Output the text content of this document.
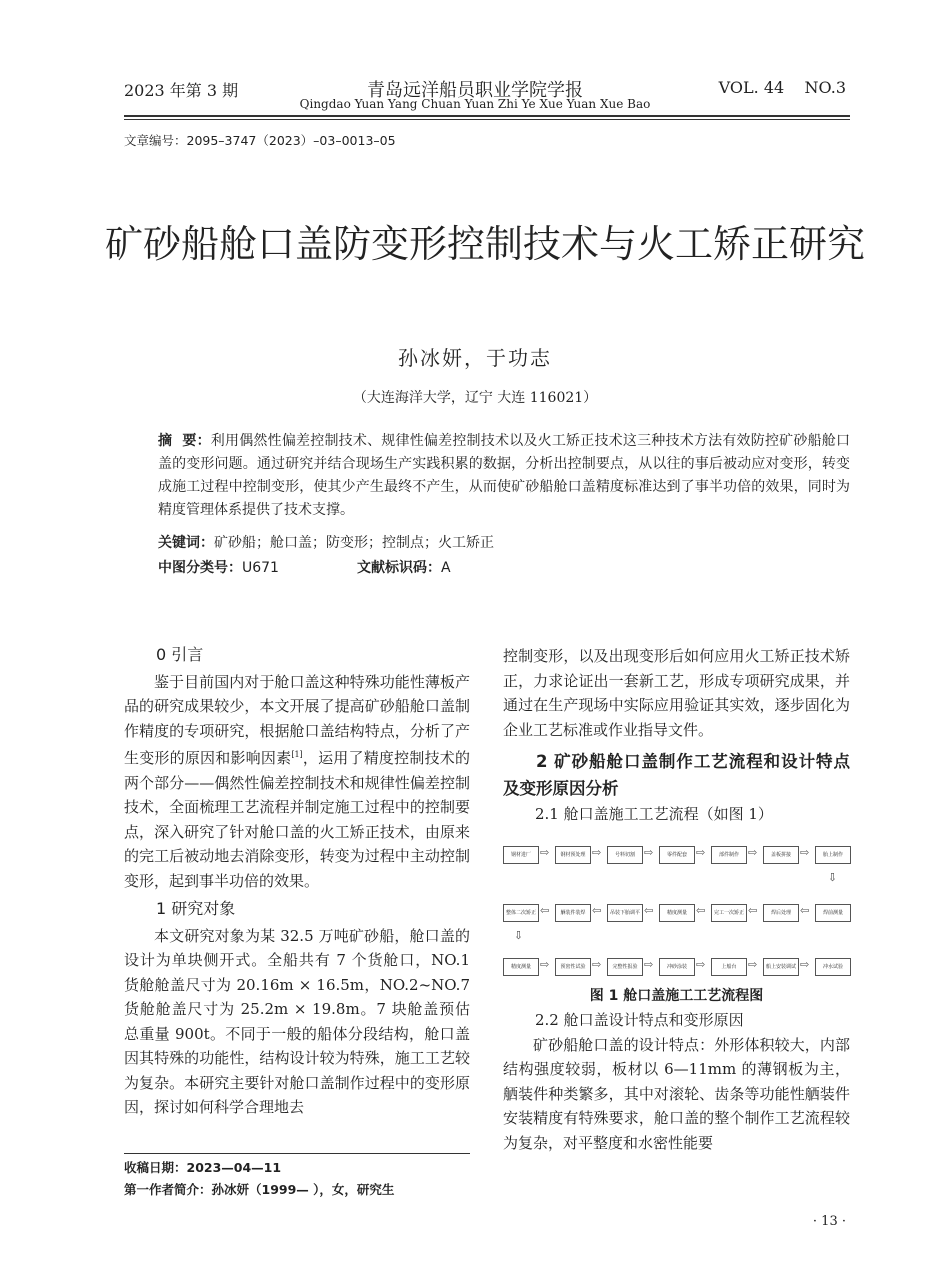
2023 年第 3 期	青岛远洋船员职业学院学报
Qingdao Yuan Yang Chuan Yuan Zhi Ye Xue Yuan Xue Bao
VOL. 44    NO.3
文章编号：2095–3747（2023）–03–0013–05
矿砂船舱口盖防变形控制技术与火工矫正研究
孙冰妍，于功志
（大连海洋大学，辽宁 大连 116021）
摘  要：利用偶然性偏差控制技术、规律性偏差控制技术以及火工矫正技术这三种技术方法有效防控矿砂船舱口盖的变形问题。通过研究并结合现场生产实践积累的数据，分析出控制要点，从以往的事后被动应对变形，转变成施工过程中控制变形，使其少产生最终不产生，从而使矿砂船舱口盖精度标准达到了事半功倍的效果，同时为精度管理体系提供了技术支撑。
关键词：矿砂船；舱口盖；防变形；控制点；火工矫正
中图分类号：U671	文献标识码：A

0 引言

鉴于目前国内对于舱口盖这种特殊功能性薄板产品的研究成果较少，本文开展了提高矿砂船舱口盖制作精度的专项研究，根据舱口盖结构特点，分析了产生变形的原因和影响因素[1]，运用了精度控制技术的两个部分——偶然性偏差控制技术和规律性偏差控制技术，全面梳理工艺流程并制定施工过程中的控制要点，深入研究了针对舱口盖的火工矫正技术，由原来的完工后被动地去消除变形，转变为过程中主动控制变形，起到事半功倍的效果。

1 研究对象

本文研究对象为某 32.5 万吨矿砂船，舱口盖的设计为单块侧开式。全船共有 7 个货舱口，NO.1 货舱舱盖尺寸为 20.16m × 16.5m，NO.2~NO.7 货舱舱盖尺寸为 25.2m × 19.8m。7 块舱盖预估总重量 900t。不同于一般的船体分段结构，舱口盖因其特殊的功能性，结构设计较为特殊，施工工艺较为复杂。本研究主要针对舱口盖制作过程中的变形原因，探讨如何科学合理地去

控制变形，以及出现变形后如何应用火工矫正技术矫正，力求论证出一套新工艺，形成专项研究成果，并通过在生产现场中实际应用验证其实效，逐步固化为企业工艺标准或作业指导文件。

2 矿砂船舱口盖制作工艺流程和设计特点及变形原因分析

2.1 舱口盖施工工艺流程（如图 1）

钢材进厂 ⇨	钢材预处理 ⇨	号料切割 ⇨	零件配套 ⇨	部件制作 ⇨	盖板拼接 ⇨	胎上制作
⇩
整体二次矫正 ⇦	舾装件装焊 ⇦	吊装下胎调平 ⇦	精度测量 ⇦	完工一次矫正 ⇦	焊后处理 ⇦	焊前测量
⇩
精度测量 ⇨	预密性试验 ⇨	完整性报验 ⇨	冲砂涂装 ⇨	上船台	⇨	船上安装调试 ⇨	冲水试验
图 1 舱口盖施工工艺流程图

2.2 舱口盖设计特点和变形原因

矿砂船舱口盖的设计特点：外形体积较大，内部结构强度较弱，板材以 6—11mm 的薄钢板为主，舾装件种类繁多，其中对滚轮、齿条等功能性舾装件安装精度有特殊要求，舱口盖的整个制作工艺流程较为复杂，对平整度和水密性能要

收稿日期：2023—04—11
第一作者简介：孙冰妍（1999— ），女，研究生
· 13 ·
